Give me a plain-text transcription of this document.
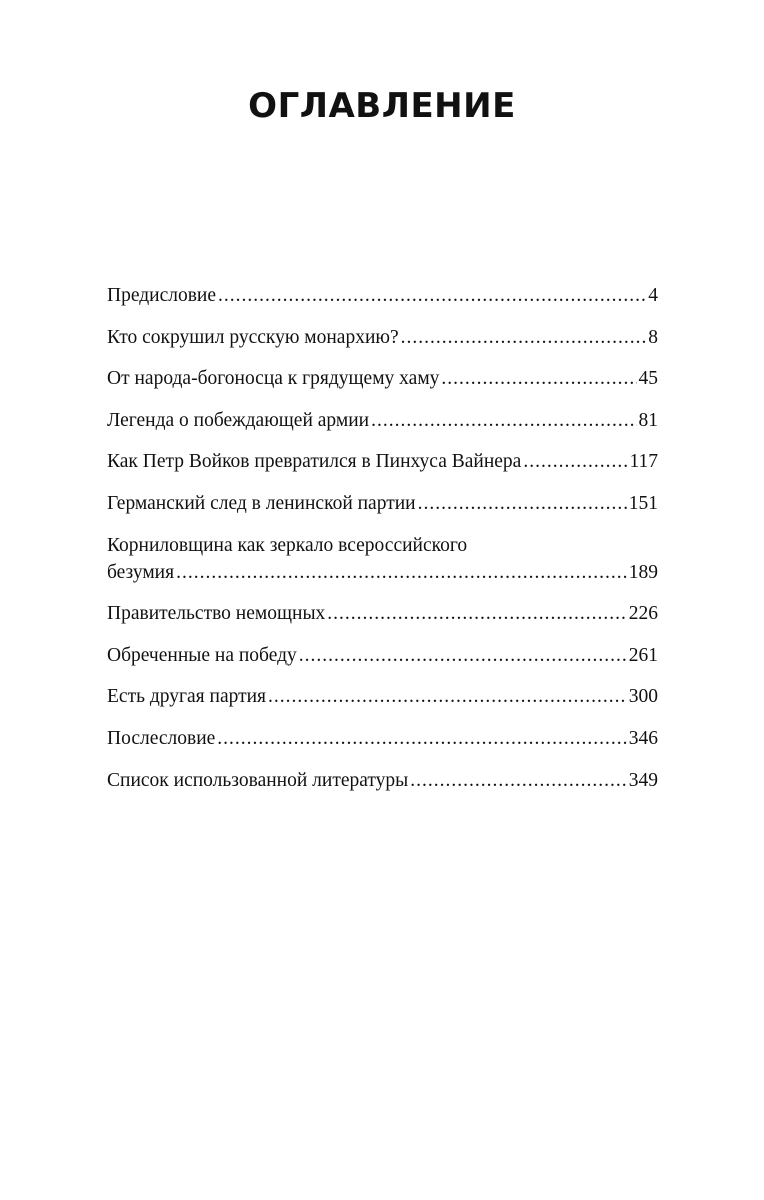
ОГЛАВЛЕНИЕ
Предисловие .....	4
Кто сокрушил русскую монархию? .....	8
От народа-богоносца к грядущему хаму .....	45
Легенда о побеждающей армии .....	81
Как Петр Войков превратился в Пинхуса Вайнера .....	117
Германский след в ленинской партии .....	151
Корниловщина как зеркало всероссийского
безумия .....	189
Правительство немощных .....	226
Обреченные на победу .....	261
Есть другая партия .....	300
Послесловие .....	346
Список использованной литературы .....	349
